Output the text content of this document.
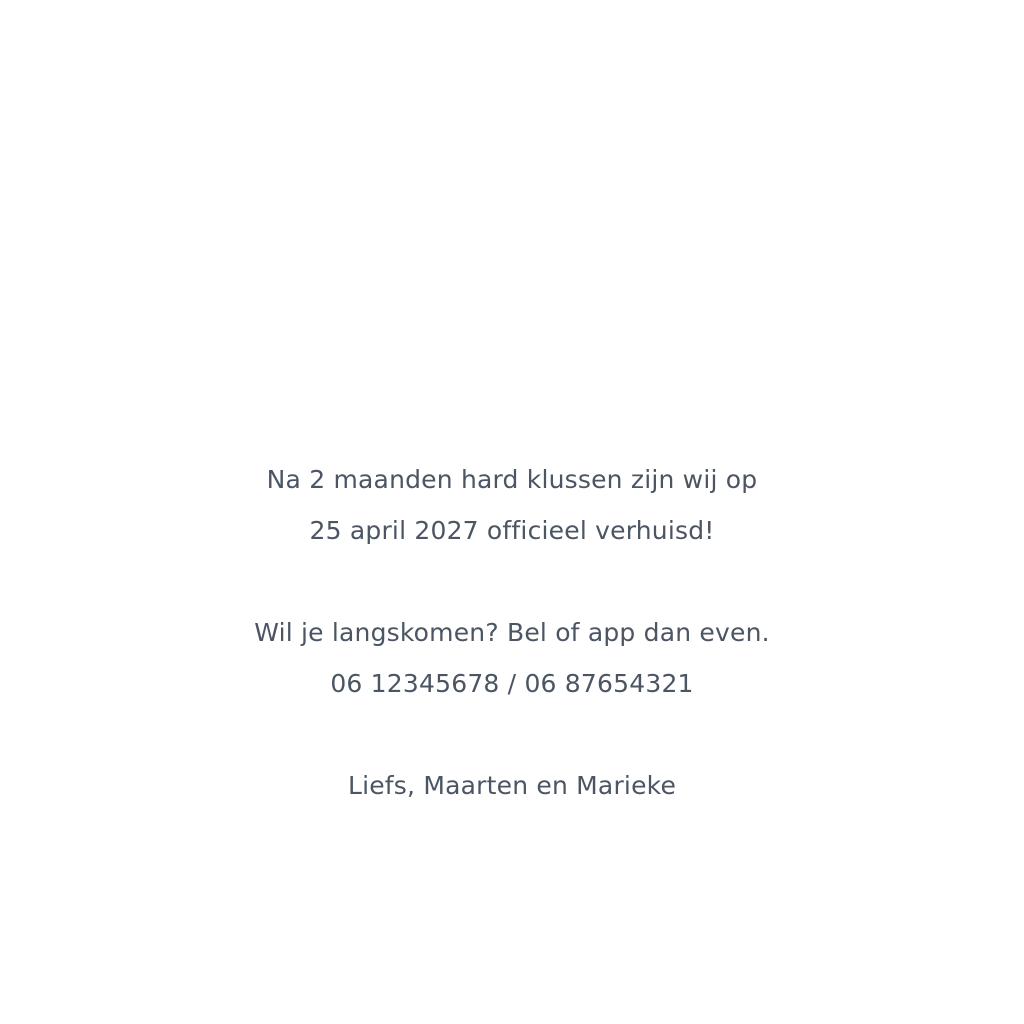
Na 2 maanden hard klussen zijn wij op
25 april 2027 officieel verhuisd!
Wil je langskomen? Bel of app dan even.
06 12345678 / 06 87654321
Liefs, Maarten en Marieke
